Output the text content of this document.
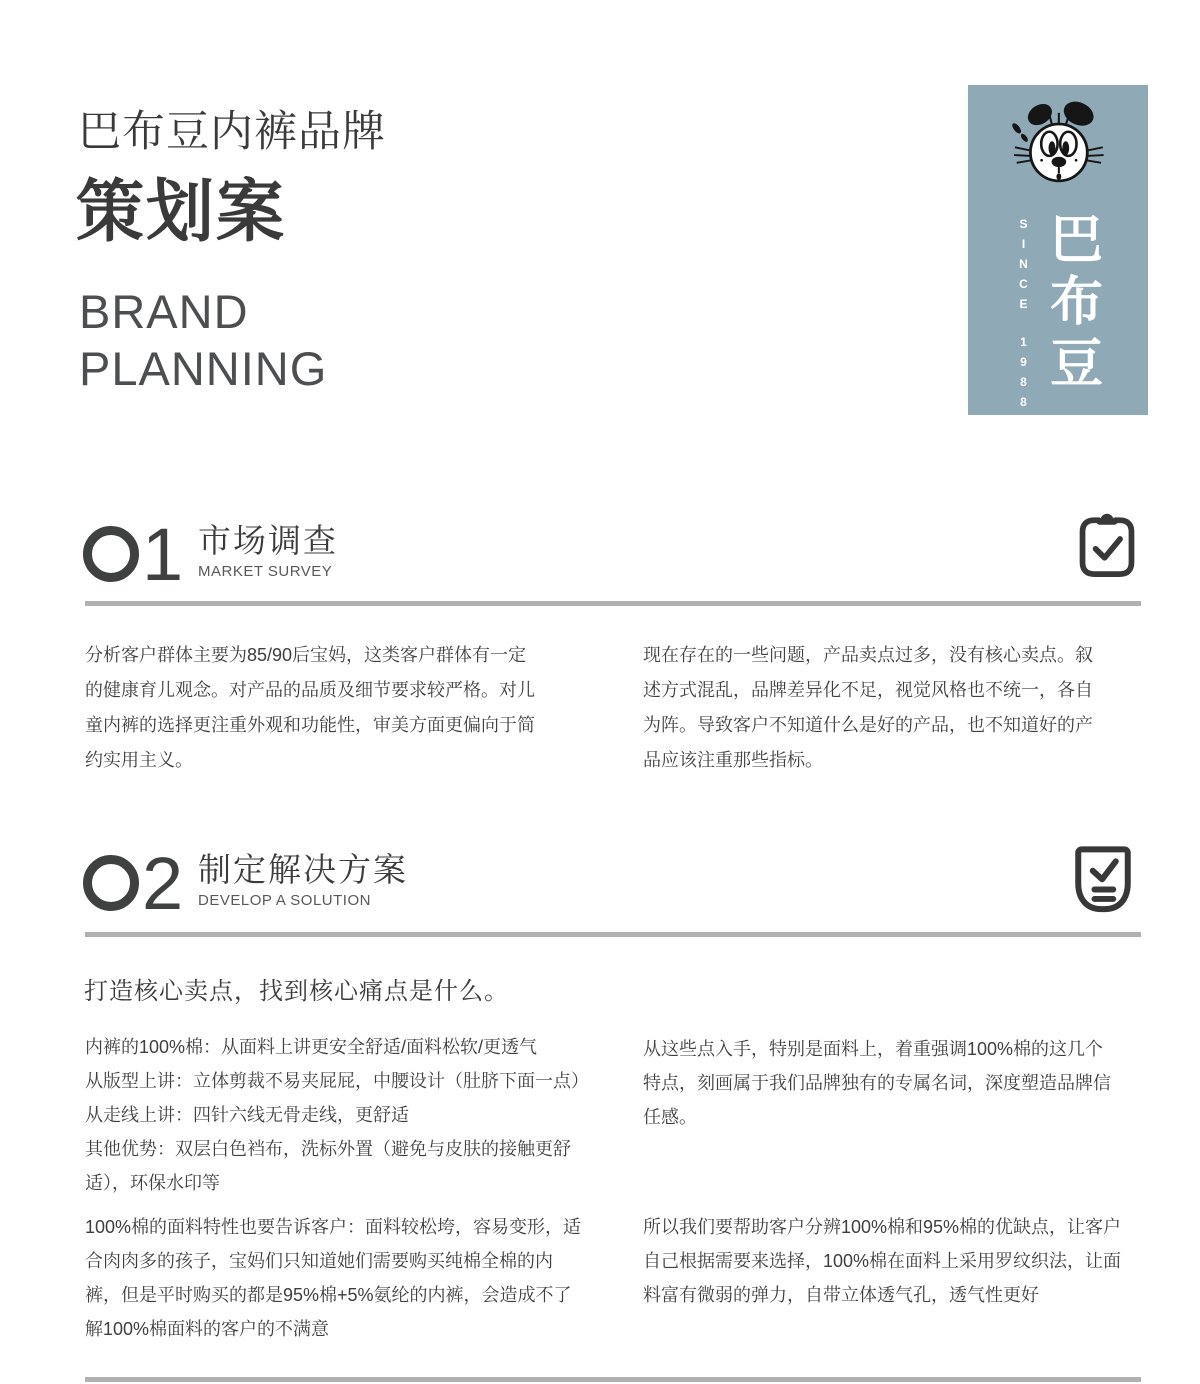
巴布豆内裤品牌
策划案
BRAND
PLANNING
SINCE
1988 巴布豆
1 市场调查
MARKET SURVEY
分析客户群体主要为85/90后宝妈，这类客户群体有一定的健康育儿观念。对产品的品质及细节要求较严格。对儿童内裤的选择更注重外观和功能性，审美方面更偏向于简约实用主义。
现在存在的一些问题，产品卖点过多，没有核心卖点。叙述方式混乱，品牌差异化不足，视觉风格也不统一，各自为阵。导致客户不知道什么是好的产品，也不知道好的产品应该注重那些指标。
2 制定解决方案
DEVELOP A SOLUTION
打造核心卖点，找到核心痛点是什么。
内裤的100%棉：从面料上讲更安全舒适/面料松软/更透气
从版型上讲：立体剪裁不易夹屁屁，中腰设计（肚脐下面一点）
从走线上讲：四针六线无骨走线，更舒适
其他优势：双层白色裆布，洗标外置（避免与皮肤的接触更舒适），环保水印等
100%棉的面料特性也要告诉客户：面料较松垮，容易变形，适合肉肉多的孩子，宝妈们只知道她们需要购买纯棉全棉的内裤，但是平时购买的都是95%棉+5%氨纶的内裤，会造成不了解100%棉面料的客户的不满意
从这些点入手，特别是面料上，着重强调100%棉的这几个特点，刻画属于我们品牌独有的专属名词，深度塑造品牌信任感。
所以我们要帮助客户分辨100%棉和95%棉的优缺点，让客户自己根据需要来选择，100%棉在面料上采用罗纹织法，让面料富有微弱的弹力，自带立体透气孔，透气性更好
